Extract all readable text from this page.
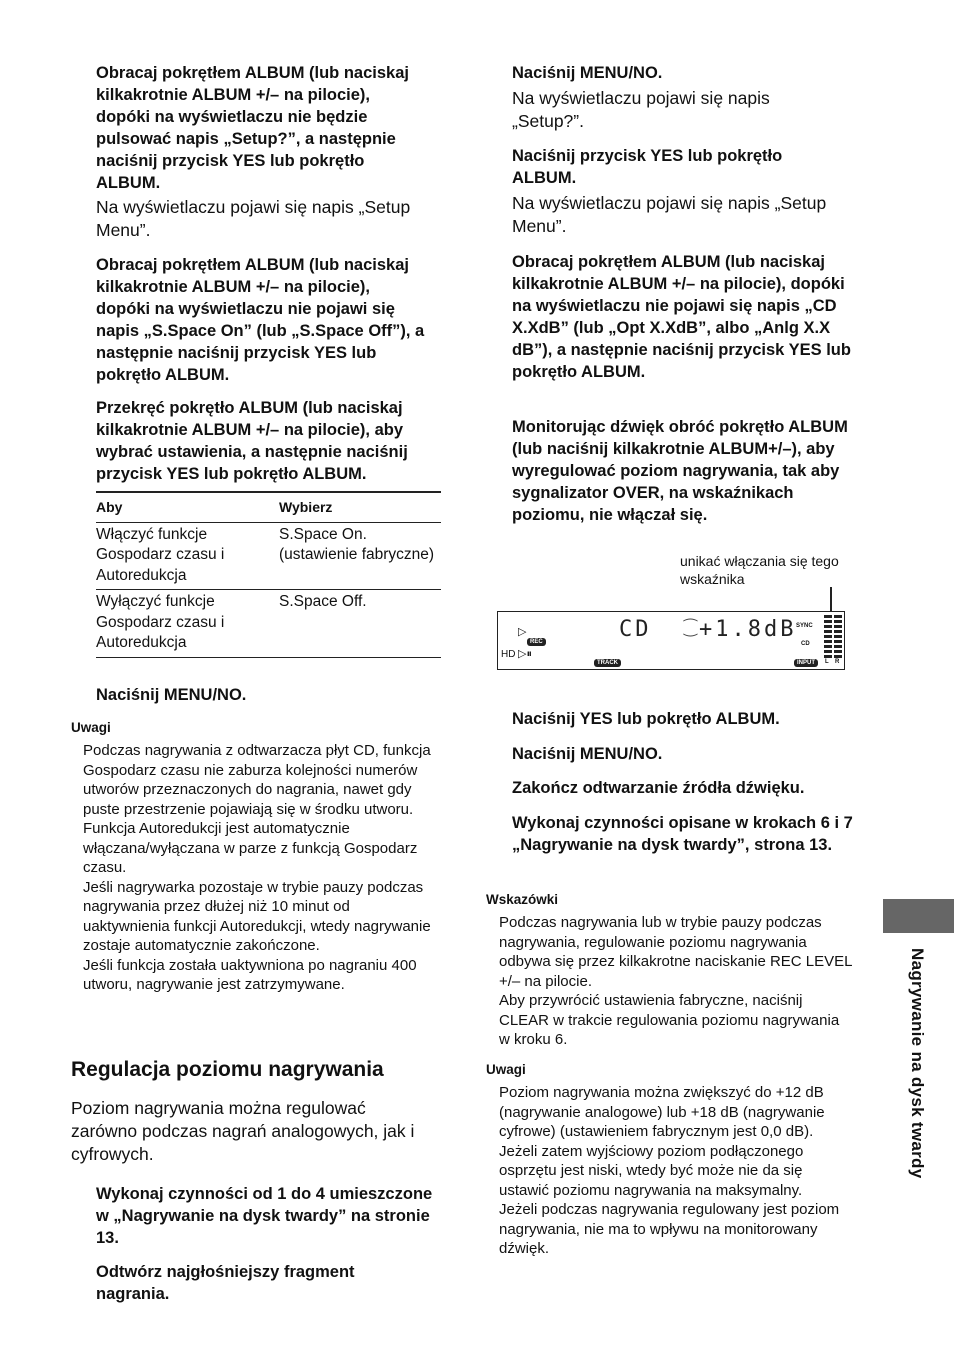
Obracaj pokrętłem ALBUM (lub naciskaj kilkakrotnie ALBUM +/– na pilocie), dopóki na wyświetlaczu nie będzie pulsować napis „Setup?”, a następnie naciśnij przycisk YES lub pokrętło ALBUM.

Na wyświetlaczu pojawi się napis „Setup Menu”.

Obracaj pokrętłem ALBUM (lub naciskaj kilkakrotnie ALBUM +/– na pilocie), dopóki na wyświetlaczu nie pojawi się napis „S.Space On” (lub „S.Space Off”), a następnie naciśnij przycisk YES lub pokrętło ALBUM.

Przekręć pokrętło ALBUM (lub naciskaj kilkakrotnie ALBUM +/– na pilocie), aby wybrać ustawienia, a następnie naciśnij przycisk YES lub pokrętło ALBUM.

Aby	Wybierz
Włączyć funkcje Gospodarz czasu i Autoredukcja	S.Space On. (ustawienie fabryczne)
Wyłączyć funkcje Gospodarz czasu i Autoredukcja	S.Space Off.

Naciśnij MENU/NO.

Uwagi

Podczas nagrywania z odtwarzacza płyt CD, funkcja Gospodarz czasu nie zaburza kolejności numerów utworów przeznaczonych do nagrania, nawet gdy puste przestrzenie pojawiają się w środku utworu.

Funkcja Autoredukcji jest automatycznie włączana/wyłączana w parze z funkcją Gospodarz czasu.

Jeśli nagrywarka pozostaje w trybie pauzy podczas nagrywania przez dłużej niż 10 minut od uaktywnienia funkcji Autoredukcji, wtedy nagrywanie zostaje automatycznie zakończone.

Jeśli funkcja została uaktywniona po nagraniu 400 utworu, nagrywanie jest zatrzymywane.

Regulacja poziomu nagrywania

Poziom nagrywania można regulować zarówno podczas nagrań analogowych, jak i cyfrowych.

Wykonaj czynności od 1 do 4 umieszczone w „Nagrywanie na dysk twardy” na stronie 13.

Odtwórz najgłośniejszy fragment nagrania.

Naciśnij MENU/NO.

Na wyświetlaczu pojawi się napis „Setup?”.

Naciśnij przycisk YES lub pokrętło ALBUM.

Na wyświetlaczu pojawi się napis „Setup Menu”.

Obracaj pokrętłem ALBUM (lub naciskaj kilkakrotnie ALBUM +/– na pilocie), dopóki na wyświetlaczu nie pojawi się napis „CD X.XdB” (lub „Opt X.XdB”, albo „Anlg X.X dB”), a następnie naciśnij przycisk YES lub pokrętło ALBUM.

Monitorując dźwięk obróć pokrętło ALBUM (lub naciśnij kilkakrotnie ALBUM+/–), aby wyregulować poziom nagrywania, tak aby sygnalizator OVER, na wskaźnikach poziomu, nie włączał się.

unikać włączania się tego wskaźnika

▷
REC
HD ▷⏸
TRACK
CD ⁐ +1.8dB SYNC
CD
INPUT	L R

Naciśnij YES lub pokrętło ALBUM.

Naciśnij MENU/NO.

Zakończ odtwarzanie źródła dźwięku.

Wykonaj czynności opisane w krokach 6 i 7 „Nagrywanie na dysk twardy”, strona 13.

Wskazówki

Podczas nagrywania lub w trybie pauzy podczas nagrywania, regulowanie poziomu nagrywania odbywa się przez kilkakrotne naciskanie REC LEVEL +/– na pilocie.

Aby przywrócić ustawienia fabryczne, naciśnij CLEAR w trakcie regulowania poziomu nagrywania w kroku 6.

Uwagi

Poziom nagrywania można zwiększyć do +12 dB (nagrywanie analogowe) lub +18 dB (nagrywanie cyfrowe) (ustawieniem fabrycznym jest 0,0 dB).

Jeżeli zatem wyjściowy poziom podłączonego osprzętu jest niski, wtedy być może nie da się ustawić poziomu nagrywania na maksymalny.

Jeżeli podczas nagrywania regulowany jest poziom nagrywania, nie ma to wpływu na monitorowany dźwięk.

Nagrywanie na dysk twardy
